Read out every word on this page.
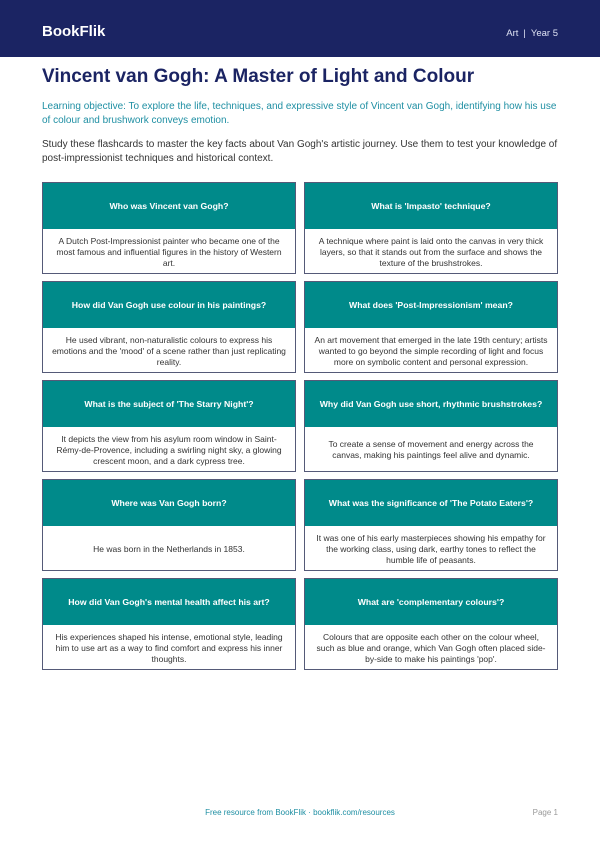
BookFlik	Art | Year 5
Vincent van Gogh: A Master of Light and Colour
Learning objective: To explore the life, techniques, and expressive style of Vincent van Gogh, identifying how his use of colour and brushwork conveys emotion.
Study these flashcards to master the key facts about Van Gogh's artistic journey. Use them to test your knowledge of post-impressionist techniques and historical context.
Who was Vincent van Gogh?
A Dutch Post-Impressionist painter who became one of the most famous and influential figures in the history of Western art.
What is 'Impasto' technique?
A technique where paint is laid onto the canvas in very thick layers, so that it stands out from the surface and shows the texture of the brushstrokes.
How did Van Gogh use colour in his paintings?
He used vibrant, non-naturalistic colours to express his emotions and the 'mood' of a scene rather than just replicating reality.
What does 'Post-Impressionism' mean?
An art movement that emerged in the late 19th century; artists wanted to go beyond the simple recording of light and focus more on symbolic content and personal expression.
What is the subject of 'The Starry Night'?
It depicts the view from his asylum room window in Saint-Rémy-de-Provence, including a swirling night sky, a glowing crescent moon, and a dark cypress tree.
Why did Van Gogh use short, rhythmic brushstrokes?
To create a sense of movement and energy across the canvas, making his paintings feel alive and dynamic.
Where was Van Gogh born?
He was born in the Netherlands in 1853.
What was the significance of 'The Potato Eaters'?
It was one of his early masterpieces showing his empathy for the working class, using dark, earthy tones to reflect the humble life of peasants.
How did Van Gogh's mental health affect his art?
His experiences shaped his intense, emotional style, leading him to use art as a way to find comfort and express his inner thoughts.
What are 'complementary colours'?
Colours that are opposite each other on the colour wheel, such as blue and orange, which Van Gogh often placed side-by-side to make his paintings 'pop'.
Free resource from BookFlik · bookflik.com/resources	Page 1
